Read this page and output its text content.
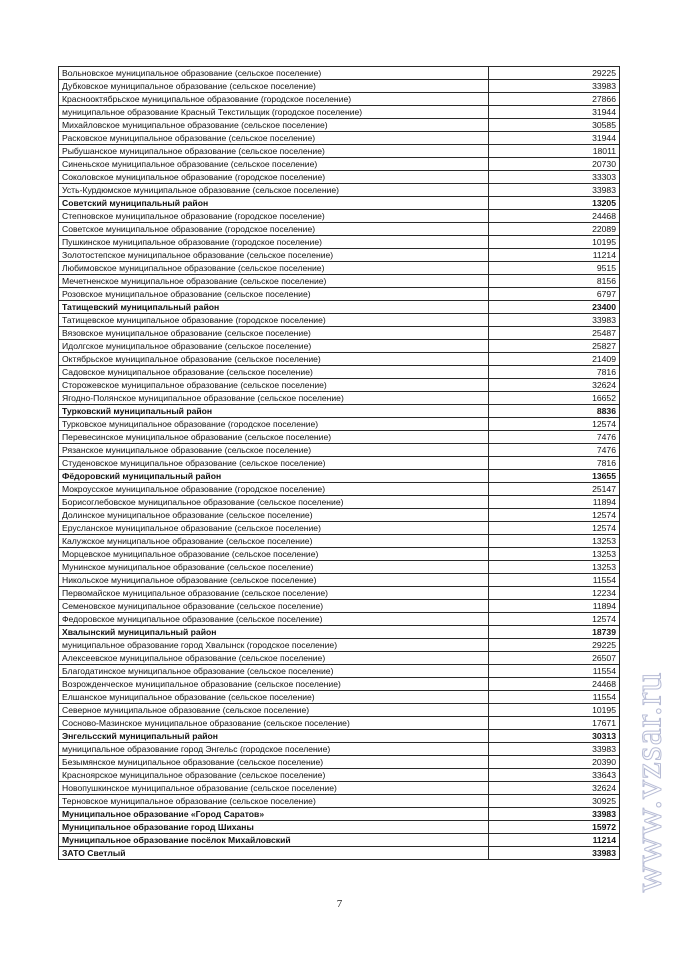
Вольновское муниципальное образование (сельское поселение)	29225
Дубковское муниципальное образование (сельское поселение)	33983
Краснооктябрьское муниципальное образование (городское поселение)	27866
муниципальное образование Красный Текстильщик (городское поселение)	31944
Михайловское муниципальное образование (сельское поселение)	30585
Расковское муниципальное образование (сельское поселение)	31944
Рыбушанское муниципальное образование (сельское поселение)	18011
Синеньское муниципальное образование (сельское поселение)	20730
Соколовское муниципальное образование (городское поселение)	33303
Усть-Курдюмское муниципальное образование (сельское поселение)	33983
Советский муниципальный район	13205
Степновское муниципальное образование (городское поселение)	24468
Советское муниципальное образование (городское поселение)	22089
Пушкинское муниципальное образование (городское поселение)	10195
Золотостепское муниципальное образование (сельское поселение)	11214
Любимовское муниципальное образование (сельское поселение)	9515
Мечетненское муниципальное образование (сельское поселение)	8156
Розовское муниципальное образование (сельское поселение)	6797
Татищевский муниципальный район	23400
Татищевское муниципальное образование (городское поселение)	33983
Вязовское муниципальное образование (сельское поселение)	25487
Идолгское муниципальное образование (сельское поселение)	25827
Октябрьское муниципальное образование (сельское поселение)	21409
Садовское муниципальное образование (сельское поселение)	7816
Сторожевское муниципальное образование (сельское поселение)	32624
Ягодно-Полянское муниципальное образование (сельское поселение)	16652
Турковский муниципальный район	8836
Турковское муниципальное образование (городское поселение)	12574
Перевесинское муниципальное образование (сельское поселение)	7476
Рязанское муниципальное образование (сельское поселение)	7476
Студеновское муниципальное образование (сельское поселение)	7816
Фёдоровский муниципальный район	13655
Мокроусское муниципальное образование (городское поселение)	25147
Борисоглебовское муниципальное образование (сельское поселение)	11894
Долинское муниципальное образование (сельское поселение)	12574
Ерусланское муниципальное образование (сельское поселение)	12574
Калужское муниципальное образование (сельское поселение)	13253
Морцевское муниципальное образование (сельское поселение)	13253
Мунинское муниципальное образование (сельское поселение)	13253
Никольское муниципальное образование (сельское поселение)	11554
Первомайское муниципальное образование (сельское поселение)	12234
Семеновское муниципальное образование (сельское поселение)	11894
Федоровское муниципальное образование (сельское поселение)	12574
Хвалынский муниципальный район	18739
муниципальное образование город Хвалынск (городское поселение)	29225
Алексеевское муниципальное образование (сельское поселение)	26507
Благодатинское муниципальное образование (сельское поселение)	11554
Возрожденческое муниципальное образование (сельское поселение)	24468
Елшанское муниципальное образование (сельское поселение)	11554
Северное муниципальное образование (сельское поселение)	10195
Сосново-Мазинское муниципальное образование (сельское поселение)	17671
Энгельсский муниципальный район	30313
муниципальное образование город Энгельс (городское поселение)	33983
Безымянское муниципальное образование (сельское поселение)	20390
Красноярское муниципальное образование (сельское поселение)	33643
Новопушкинское муниципальное образование (сельское поселение)	32624
Терновское муниципальное образование (сельское поселение)	30925
Муниципальное образование «Город Саратов»	33983
Муниципальное образование город Шиханы	15972
Муниципальное образование посёлок Михайловский	11214
ЗАТО Светлый	33983
7
www.vzsar.ru
